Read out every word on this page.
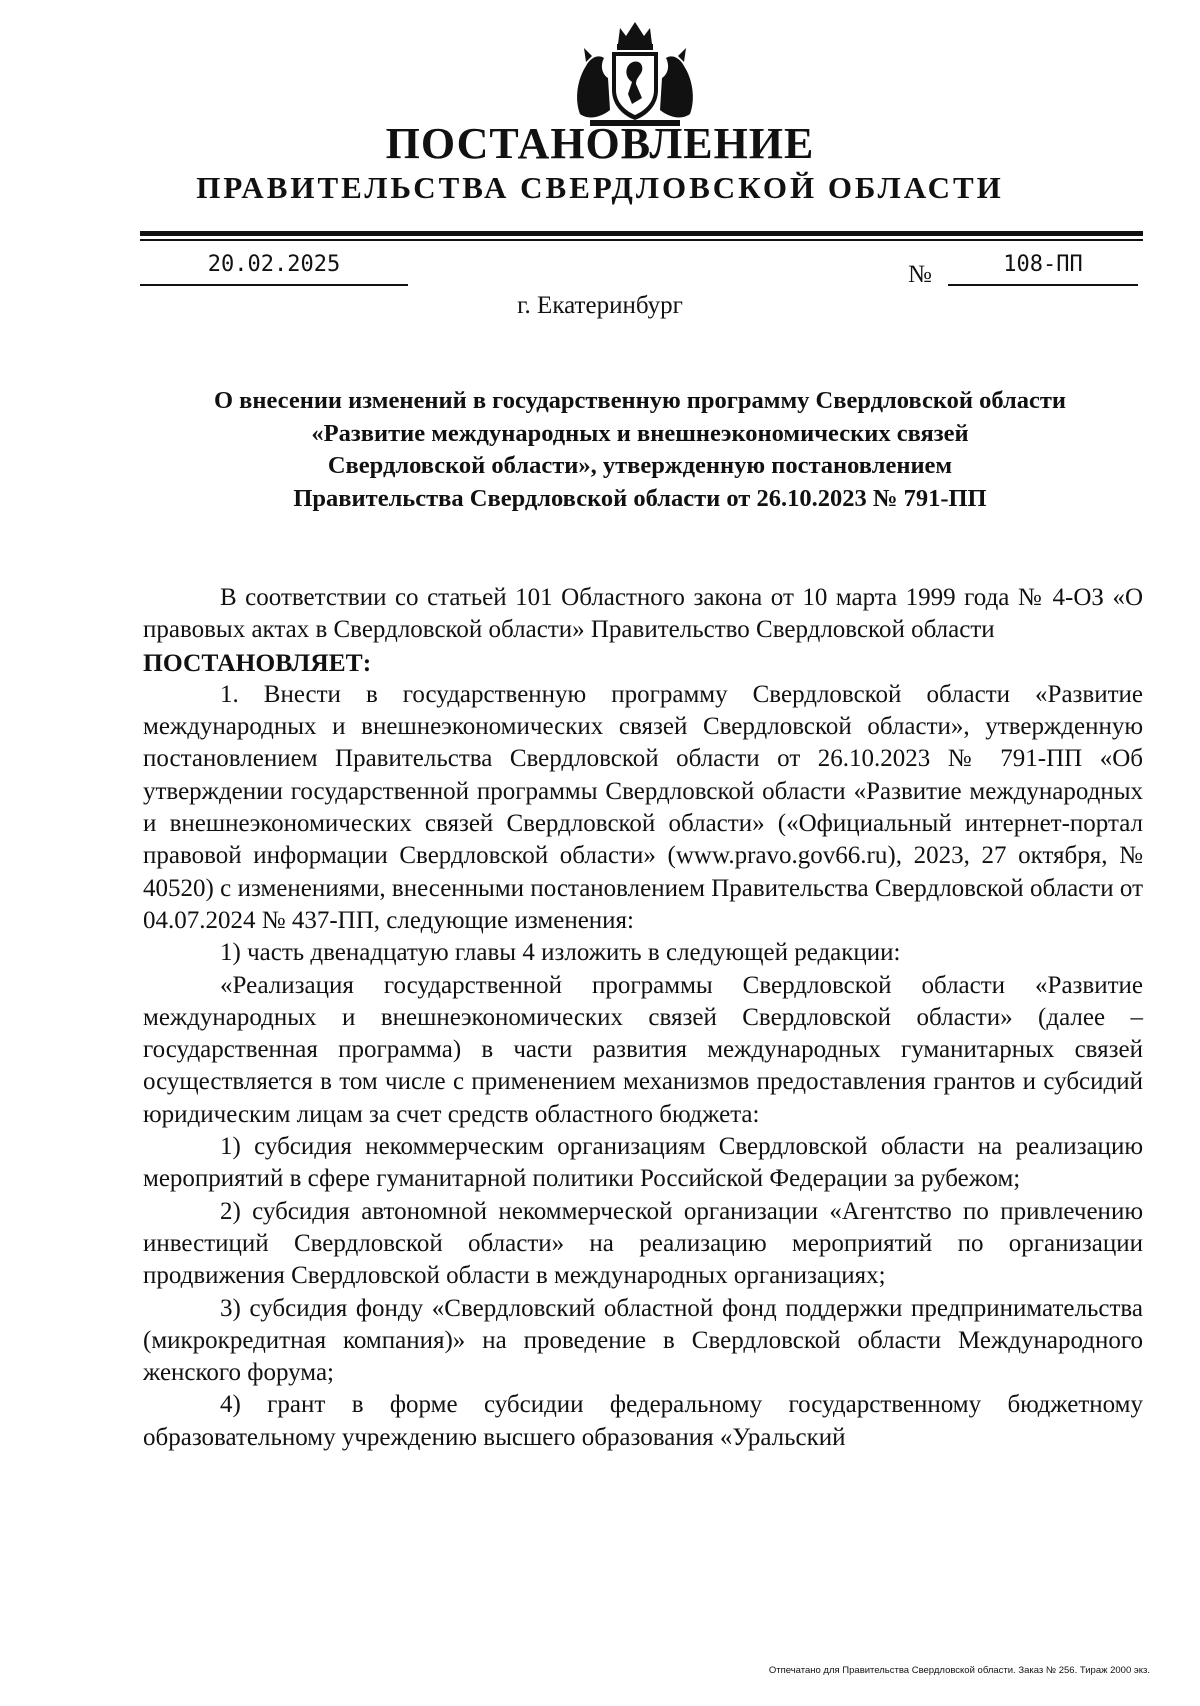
ПОСТАНОВЛЕНИЕ
ПРАВИТЕЛЬСТВА СВЕРДЛОВСКОЙ ОБЛАСТИ
20.02.2025	№	108-ПП
г. Екатеринбург
О внесении изменений в государственную программу Свердловской области
«Развитие международных и внешнеэкономических связей
Свердловской области», утвержденную постановлением
Правительства Свердловской области от 26.10.2023 № 791-ПП

В соответствии со статьей 101 Областного закона от 10 марта 1999 года № 4-ОЗ «О правовых актах в Свердловской области» Правительство Свердловской области

ПОСТАНОВЛЯЕТ:

1. Внести в государственную программу Свердловской области «Развитие международных и внешнеэкономических связей Свердловской области», утвержденную постановлением Правительства Свердловской области от 26.10.2023 № 791-ПП «Об утверждении государственной программы Свердловской области «Развитие международных и внешнеэкономических связей Свердловской области» («Официальный интернет-портал правовой информации Свердловской области» (www.pravo.gov66.ru), 2023, 27 октября, № 40520) с изменениями, внесенными постановлением Правительства Свердловской области от 04.07.2024 № 437-ПП, следующие изменения:

1) часть двенадцатую главы 4 изложить в следующей редакции:

«Реализация государственной программы Свердловской области «Развитие международных и внешнеэкономических связей Свердловской области» (далее – государственная программа) в части развития международных гуманитарных связей осуществляется в том числе с применением механизмов предоставления грантов и субсидий юридическим лицам за счет средств областного бюджета:

1) субсидия некоммерческим организациям Свердловской области на реализацию мероприятий в сфере гуманитарной политики Российской Федерации за рубежом;

2) субсидия автономной некоммерческой организации «Агентство по привлечению инвестиций Свердловской области» на реализацию мероприятий по организации продвижения Свердловской области в международных организациях;

3) субсидия фонду «Свердловский областной фонд поддержки предпринимательства (микрокредитная компания)» на проведение в Свердловской области Международного женского форума;

4) грант в форме субсидии федеральному государственному бюджетному образовательному учреждению высшего образования «Уральский

Отпечатано для Правительства Свердловской области. Заказ № 256. Тираж 2000 экз.
